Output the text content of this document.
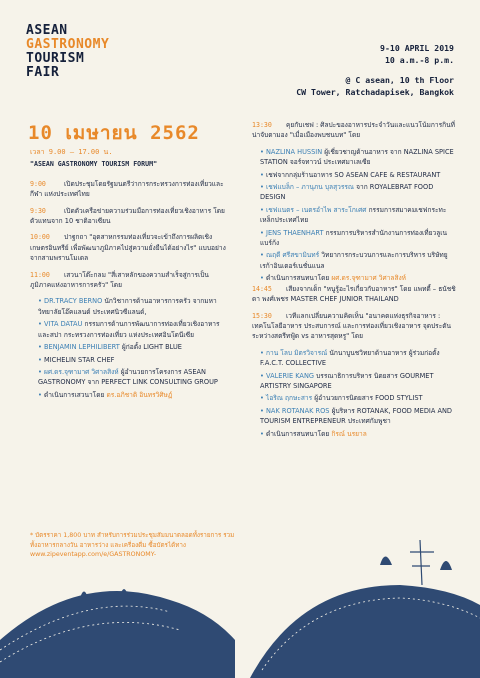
ASEAN
GASTRONOMY
TOURISM
FAIR
9-10 APRIL 2019
10 a.m.-8 p.m.
@ C asean, 10 th Floor
CW Tower, Ratchadapisek, Bangkok
10 เมษายน 2562
เวลา 9.00 – 17.00 น.
"ASEAN GASTRONOMY TOURISM FORUM"
9:00	เปิดประชุมโดยรัฐมนตรีว่าการกระทรวงการท่องเที่ยวและกีฬา แห่งประเทศไทย
9:30	เปิดตัวเครือข่ายความร่วมมือการท่องเที่ยวเชิงอาหาร โดยตัวแทนจาก 10 ชาติอาเซียน
10:00 ปาฐกถา "อุตสาหกรรมท่องเที่ยวจะเข้าถึงการผลิตเชิงเกษตรอินทรีย์ เพื่อพัฒนาภูมิภาคไปสู่ความยั่งยืนได้อย่างไร" แบบอย่างจากสามพรานโมเดล
11:00 เสวนาโต๊ะกลม "สี่เสาหลักของความสำเร็จสู่การเป็นภูมิภาคแห่งอาหารการครัว" โดย
• DR.TRACY BERNO นักวิชาการด้านอาหารการครัว จากมหาวิทยาลัยโอ๊คแลนด์ ประเทศนิวซีแลนด์,
• VITA DATAU กรรมการด้านการพัฒนาการท่องเที่ยวเชิงอาหารและสปา กระทรวงการท่องเที่ยว แห่งประเทศอินโดนีเซีย
• BENJAMIN LEPHILIBERT ผู้ก่อตั้ง LIGHT BLUE
• MICHELIN STAR CHEF
• ผศ.ดร.จุฑามาศ วิศาลสิงห์ ผู้อำนวยการโครงการ ASEAN GASTRONOMY จาก PERFECT LINK CONSULTING GROUP
• ดำเนินการเสวนาโดย ดร.อภิชาติ อินทรวิศิษฏ์
13:30 คุยกับเชฟ : ศิลปะของอาหารประจำวันและแนวโน้มการกินที่น่าจับตามอง "เมื่อเมืองพบชนบท" โดย
• NAZLINA HUSSIN ผู้เชี่ยวชาญด้านอาหาร จาก NAZLINA SPICE STATION จอร์จทาวน์ ประเทศมาเลเซีย
• เชฟจากกลุ่มร้านอาหาร SO ASEAN CAFE & RESTAURANT
• เชฟแบล็ก – ภานุภน บุลสุวรรณ จาก ROYALEBRAT FOOD DESIGN
• เชฟแนตร – เนตรอำไพ สาระโกเศศ กรรมการสมาคมเชฟกระทะเหล็กประเทศไทย
• JENS THAENHART กรรมการบริหารสำนักงานการท่องเที่ยวลูเนแบร์ก้ง
• ณฤดี ศรีสขามินทร์ วิทยาการกระบวนการและการบริหาร บริษัทยูเรก้าอินเตอร์เนชั่นแนล
• ดำเนินการสนทนาโดย ผศ.ดร.จุฑามาศ วิศาลสิงห์
14:45 เสียงจากเด็ก "หนูรู้อะไรเกี่ยวกับอาหาร" โดย แพทตี้ – ธนัชชิดา พงศ์เพชร MASTER CHEF JUNIOR THAILAND
15:30 เวทีแลกเปลี่ยนความคิดเห็น "อนาคตแห่งธุรกิจอาหาร : เทคโนโลยีอาหาร ประสบการณ์ และการท่องเที่ยวเชิงอาหาร จุดประตันระหว่างสตรีทฟู้ด vs อาหารสุดหรู" โดย
• กาน โลบ มิตรวิจารณ์ นักนาบูนชวิทยาด้านอาหาร ผู้ร่วมก่อตั้ง F.A.C.T. COLLECTIVE
• VALERIE KANG บรรณาธิการบริหาร นิตยสาร GOURMET ARTISTRY SINGAPORE
• ไอริณ ฤกษะสาร ผู้อำนวยการนิตยสาร FOOD STYLIST
• NAK ROTANAK ROS ผู้บริหาร ROTANAK, FOOD MEDIA AND TOURISM ENTREPRENEUR ประเทศกัมพูชา
• ดำเนินการสนทนาโดย กิรณ์ นรยาล
* บัตรราคา 1,800 บาท สำหรับการร่วมประชุมสัมมนาตลอดทั้งรายการ รวมทั้งอาหารกลางวัน อาหารว่าง และเครื่องดื่ม ซื้อบัตรได้ทาง www.zipeventapp.com/e/GASTRONOMY-
